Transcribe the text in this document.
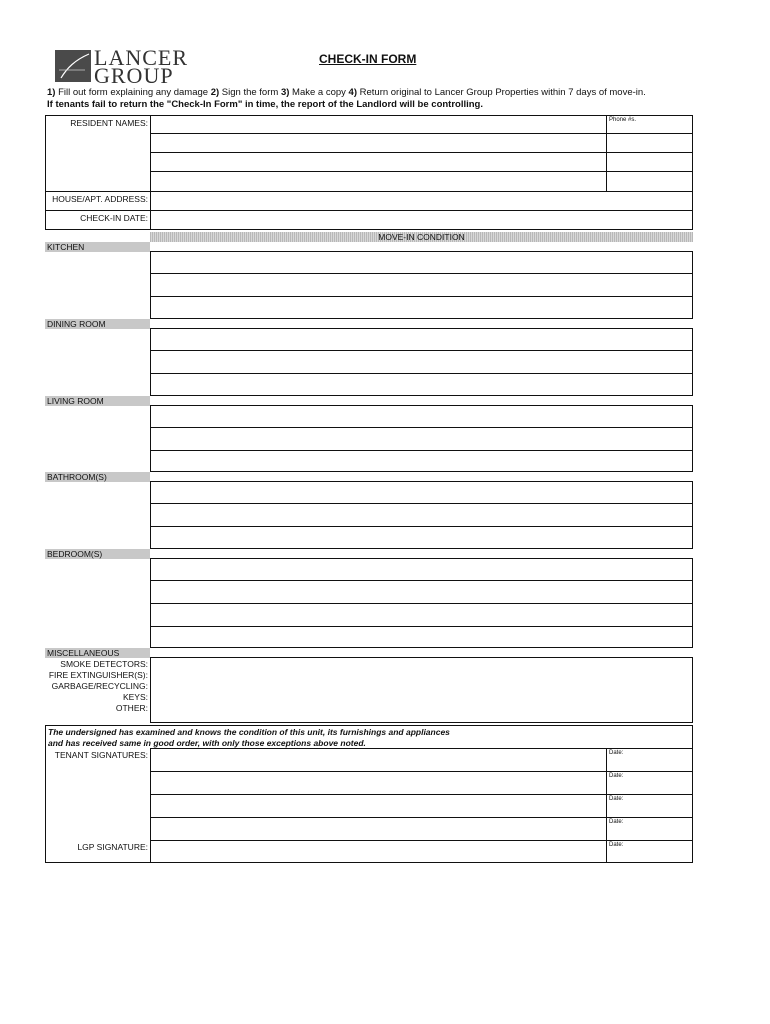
LANCER
GROUP
CHECK-IN FORM
1) Fill out form explaining any damage 2) Sign the form 3) Make a copy 4) Return original to Lancer Group Properties within 7 days of move-in.
If tenants fail to return the "Check-In Form" in time, the report of the Landlord will be controlling.
RESIDENT NAMES:	Phone #s.
HOUSE/APT. ADDRESS:
CHECK-IN DATE:
MOVE-IN CONDITION
KITCHEN
DINING ROOM
LIVING ROOM
BATHROOM(S)
BEDROOM(S)
MISCELLANEOUS
SMOKE DETECTORS:
FIRE EXTINGUISHER(S):
GARBAGE/RECYCLING:
KEYS:
OTHER:
The undersigned has examined and knows the condition of this unit, its furnishings and appliances
and has received same in good order, with only those exceptions above noted.
TENANT SIGNATURES:
LGP SIGNATURE:
Date:
Date:
Date:
Date:
Date:
